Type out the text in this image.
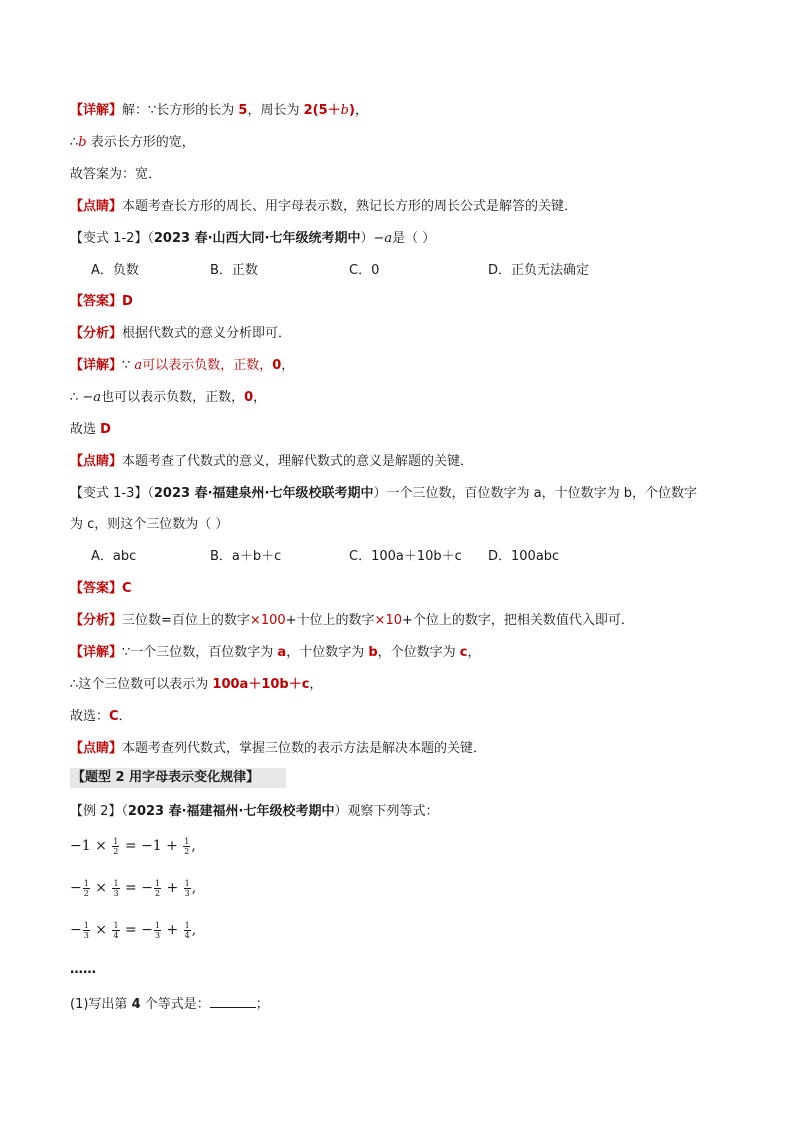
【详解】解：∵长方形的长为 5，周长为 2(5＋b)，
∴b 表示长方形的宽，
故答案为：宽．
【点睛】本题考查长方形的周长、用字母表示数，熟记长方形的周长公式是解答的关键．
【变式 1-2】（2023 春·山西大同·七年级统考期中）−a是（ ）
A．负数	B．正数	C．0	D．正负无法确定
【答案】D
【分析】根据代数式的意义分析即可．
【详解】∵ a可以表示负数，正数，0，
∴ −a也可以表示负数，正数，0，
故选 D
【点睛】本题考查了代数式的意义，理解代数式的意义是解题的关键．
【变式 1-3】（2023 春·福建泉州·七年级校联考期中）一个三位数，百位数字为 a，十位数字为 b，个位数字
为 c，则这个三位数为（ ）
A．abc	B．a＋b＋c	C．100a＋10b＋c D．100abc
【答案】C
【分析】三位数=百位上的数字×100+十位上的数字×10+个位上的数字，把相关数值代入即可．
【详解】∵一个三位数，百位数字为 a，十位数字为 b，个位数字为 c，
∴这个三位数可以表示为 100a＋10b＋c，
故选：C．
【点睛】本题考查列代数式，掌握三位数的表示方法是解决本题的关键．
【题型 2 用字母表示变化规律】
【例 2】（2023 春·福建福州·七年级校考期中）观察下列等式：
$-1 \times \frac{1}{2} = -1 + \frac{1}{2}$ ,
− $\frac{1}{2} \times \frac{1}{3}$ = − $\frac{1}{2} + \frac{1}{3}$ ,
− $\frac{1}{3} \times \frac{1}{4}$ = − $\frac{1}{3} + \frac{1}{4}$ ,
……
(1)写出第 4 个等式是：	；
